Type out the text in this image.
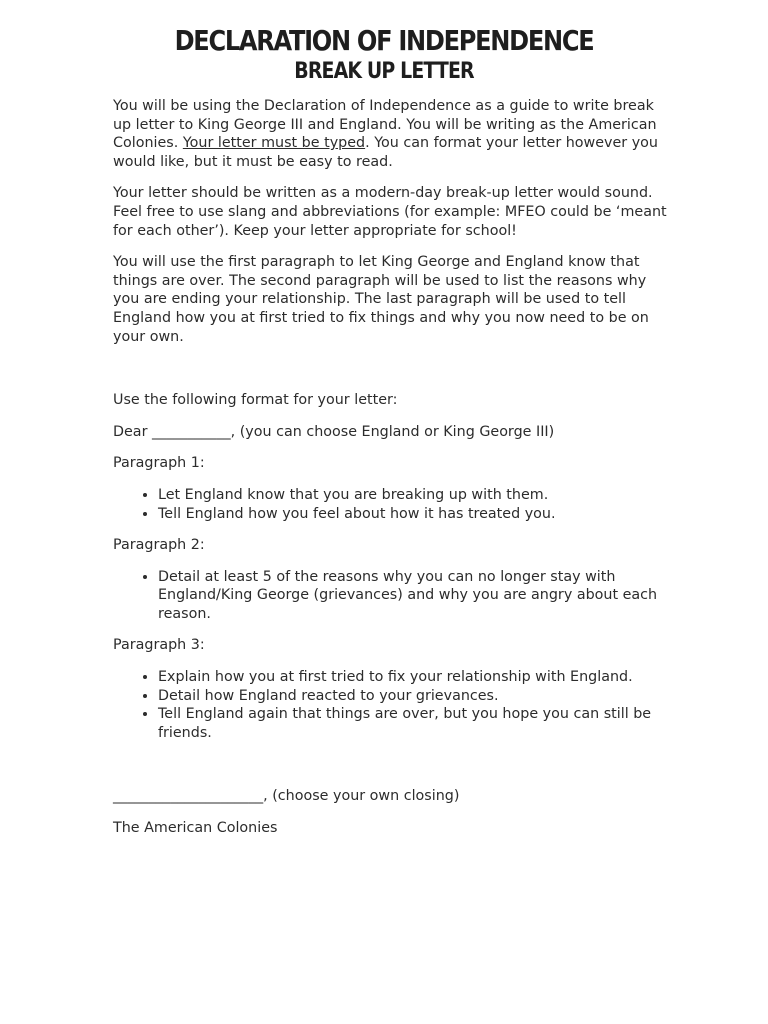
DECLARATION OF INDEPENDENCE
BREAK UP LETTER

You will be using the Declaration of Independence as a guide to write break up letter to King George III and England. You will be writing as the American Colonies. Your letter must be typed. You can format your letter however you would like, but it must be easy to read.

Your letter should be written as a modern-day break-up letter would sound. Feel free to use slang and abbreviations (for example: MFEO could be ‘meant for each other’). Keep your letter appropriate for school!

You will use the first paragraph to let King George and England know that things are over. The second paragraph will be used to list the reasons why you are ending your relationship. The last paragraph will be used to tell England how you at first tried to fix things and why you now need to be on your own.

Use the following format for your letter:

Dear ___________, (you can choose England or King George III)

Paragraph 1:

• Let England know that you are breaking up with them.
• Tell England how you feel about how it has treated you.

Paragraph 2:

• Detail at least 5 of the reasons why you can no longer stay with England/King George (grievances) and why you are angry about each reason.

Paragraph 3:

• Explain how you at first tried to fix your relationship with England.
• Detail how England reacted to your grievances.
• Tell England again that things are over, but you hope you can still be friends.

_____________________, (choose your own closing)

The American Colonies
